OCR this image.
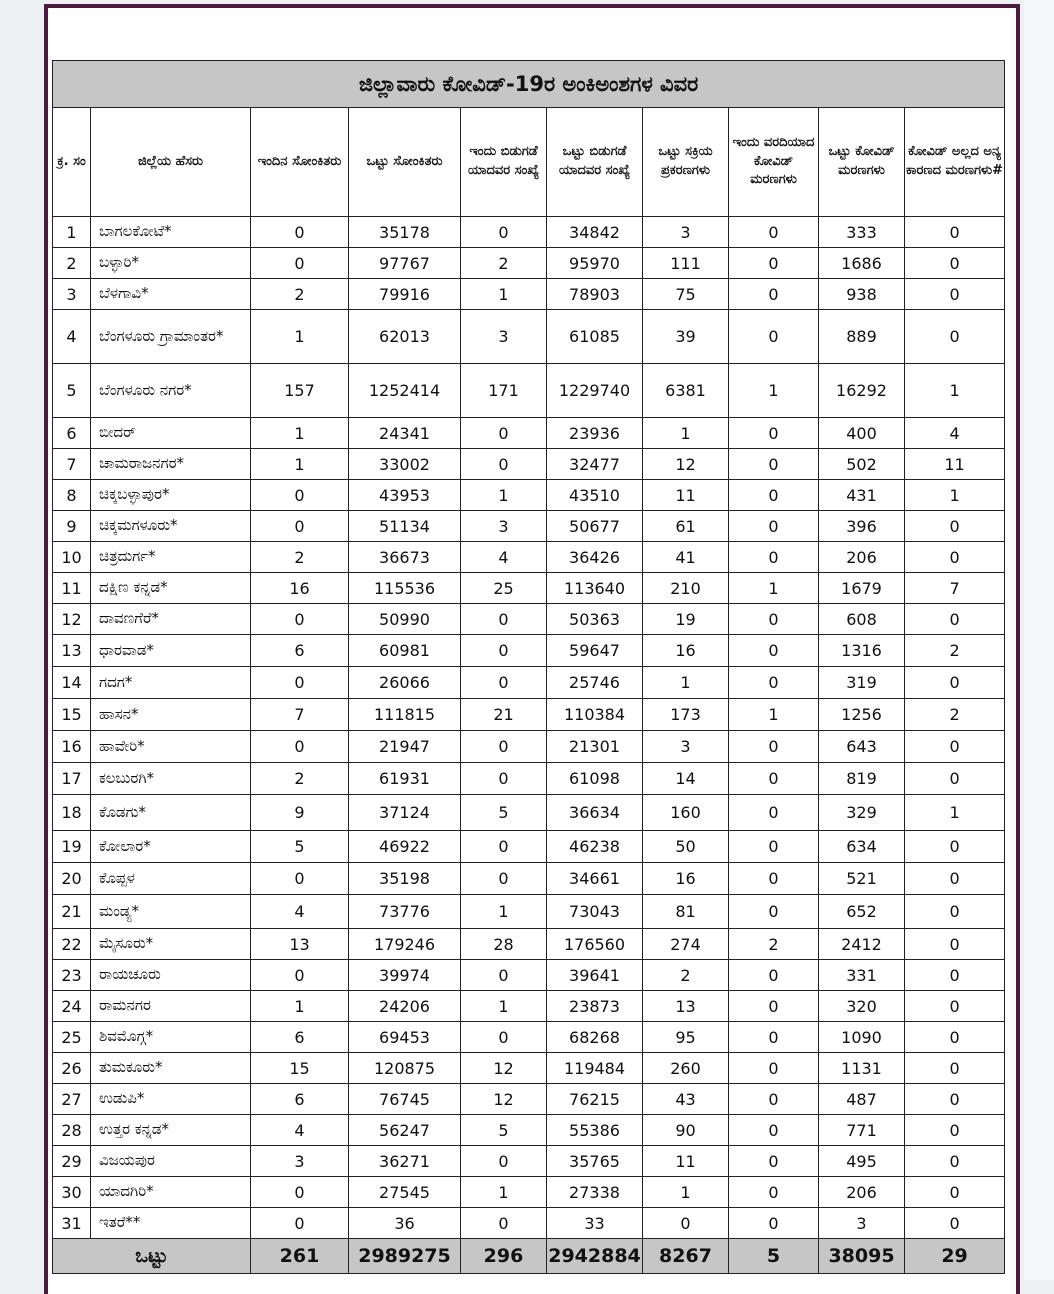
ಜಿಲ್ಲಾವಾರು ಕೋವಿಡ್-19ರ ಅಂಕಿಅಂಶಗಳ ವಿವರ									
ಕ್ರ. ಸಂ	ಜಿಲ್ಲೆಯ ಹೆಸರು	ಇಂದಿನ ಸೋಂಕಿತರು	ಒಟ್ಟು ಸೋಂಕಿತರು	ಇಂದು ಬಿಡುಗಡೆ ಯಾದವರ ಸಂಖ್ಯೆ	ಒಟ್ಟು ಬಿಡುಗಡೆ ಯಾದವರ ಸಂಖ್ಯೆ	ಒಟ್ಟು ಸಕ್ರಿಯ ಪ್ರಕರಣಗಳು	ಇಂದು ವರದಿಯಾದ ಕೋವಿಡ್ ಮರಣಗಳು	ಒಟ್ಟು ಕೋವಿಡ್ ಮರಣಗಳು	ಕೋವಿಡ್ ಅಲ್ಲದ ಅನ್ಯ ಕಾರಣದ ಮರಣಗಳು#
1	ಬಾಗಲಕೋಟೆ*	0	35178	0	34842	3	0	333	0
2	ಬಳ್ಳಾರಿ*	0	97767	2	95970	111	0	1686	0
3	ಬೆಳಗಾವಿ*	2	79916	1	78903	75	0	938	0
4	ಬೆಂಗಳೂರು ಗ್ರಾಮಾಂತರ*	1	62013	3	61085	39	0	889	0
5	ಬೆಂಗಳೂರು ನಗರ*	157	1252414	171	1229740	6381	1	16292	1
6	ಬೀದರ್	1	24341	0	23936	1	0	400	4
7	ಚಾಮರಾಜನಗರ*	1	33002	0	32477	12	0	502	11
8	ಚಿಕ್ಕಬಳ್ಳಾಪುರ*	0	43953	1	43510	11	0	431	1
9	ಚಿಕ್ಕಮಗಳೂರು*	0	51134	3	50677	61	0	396	0
10	ಚಿತ್ರದುರ್ಗ*	2	36673	4	36426	41	0	206	0
11	ದಕ್ಷಿಣ ಕನ್ನಡ*	16	115536	25	113640	210	1	1679	7
12	ದಾವಣಗೆರೆ*	0	50990	0	50363	19	0	608	0
13	ಧಾರವಾಡ*	6	60981	0	59647	16	0	1316	2
14	ಗದಗ*	0	26066	0	25746	1	0	319	0
15	ಹಾಸನ*	7	111815	21	110384	173	1	1256	2
16	ಹಾವೇರಿ*	0	21947	0	21301	3	0	643	0
17	ಕಲಬುರಗಿ*	2	61931	0	61098	14	0	819	0
18	ಕೊಡಗು*	9	37124	5	36634	160	0	329	1
19	ಕೋಲಾರ*	5	46922	0	46238	50	0	634	0
20	ಕೊಪ್ಪಳ	0	35198	0	34661	16	0	521	0
21	ಮಂಡ್ಯ*	4	73776	1	73043	81	0	652	0
22	ಮೈಸೂರು*	13	179246	28	176560	274	2	2412	0
23	ರಾಯಚೂರು	0	39974	0	39641	2	0	331	0
24	ರಾಮನಗರ	1	24206	1	23873	13	0	320	0
25	ಶಿವಮೊಗ್ಗ*	6	69453	0	68268	95	0	1090	0
26	ತುಮಕೂರು*	15	120875	12	119484	260	0	1131	0
27	ಉಡುಪಿ*	6	76745	12	76215	43	0	487	0
28	ಉತ್ತರ ಕನ್ನಡ*	4	56247	5	55386	90	0	771	0
29	ವಿಜಯಪುರ	3	36271	0	35765	11	0	495	0
30	ಯಾದಗಿರಿ*	0	27545	1	27338	1	0	206	0
31	ಇತರೆ**	0	36	0	33	0	0	3	0
ಒಟ್ಟು		261	2989275	296	2942884	8267	5	38095	29
